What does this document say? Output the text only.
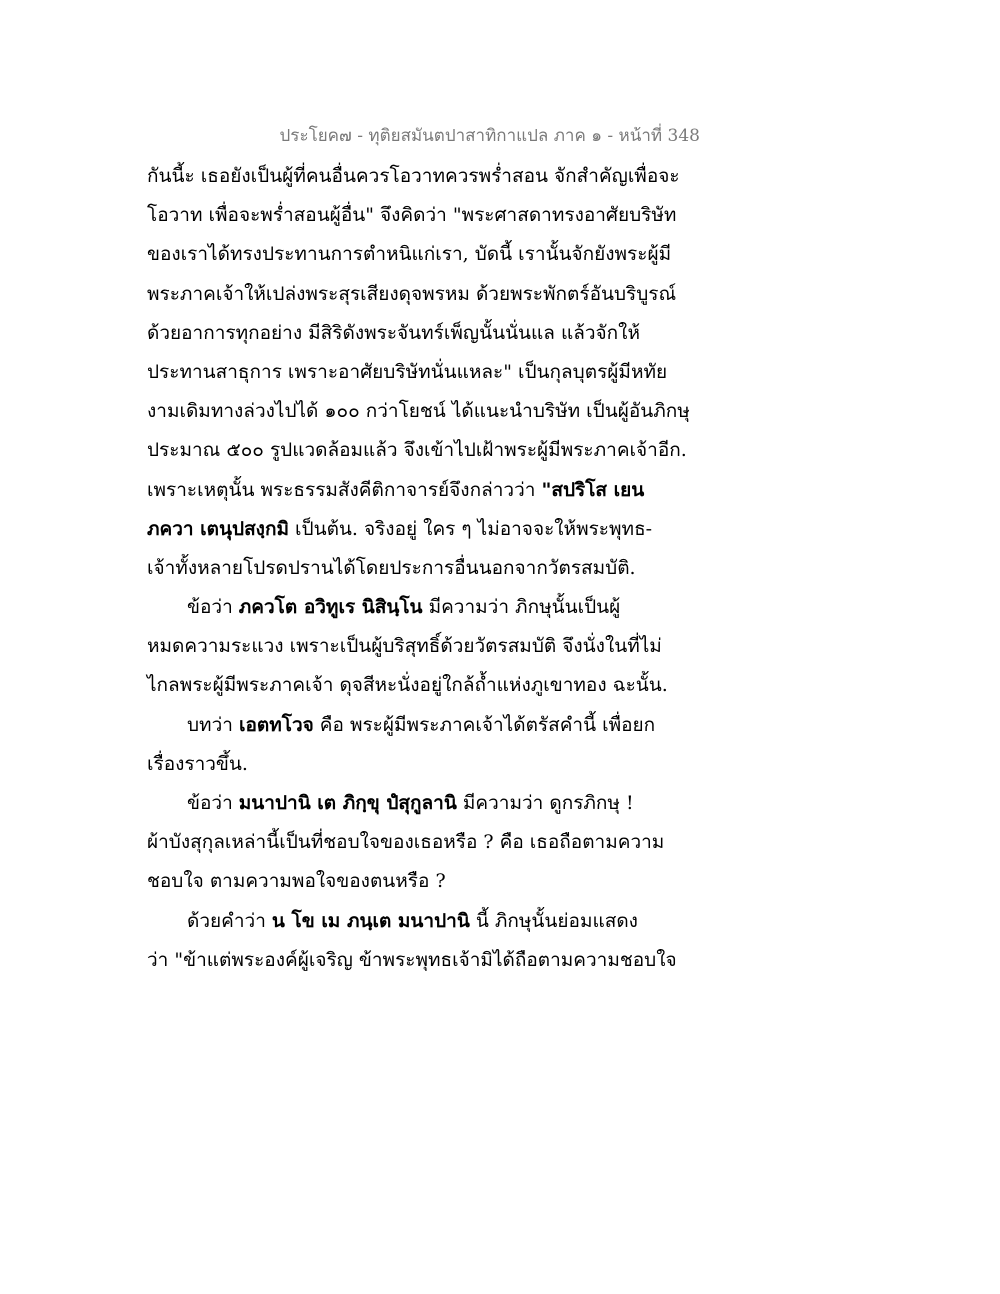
ประโยค๗ - ทุติยสมันตปาสาทิกาแปล ภาค ๑ - หน้าที่ 348
กันนี้ะ เธอยังเป็นผู้ที่คนอื่นควรโอวาทควรพร่ำสอน จักสำคัญเพื่อจะ
โอวาท เพื่อจะพร่ำสอนผู้อื่น" จึงคิดว่า "พระศาสดาทรงอาศัยบริษัท
ของเราได้ทรงประทานการตำหนิแก่เรา, บัดนี้ เรานั้นจักยังพระผู้มี
พระภาคเจ้าให้เปล่งพระสุรเสียงดุจพรหม ด้วยพระพักตร์อันบริบูรณ์
ด้วยอาการทุกอย่าง มีสิริดังพระจันทร์เพ็ญนั้นนั่นแล แล้วจักให้
ประทานสาธุการ เพราะอาศัยบริษัทนั่นแหละ" เป็นกุลบุตรผู้มีหทัย
งามเดิมทางล่วงไปได้ ๑๐๐ กว่าโยชน์ ได้แนะนำบริษัท เป็นผู้อันภิกษุ
ประมาณ ๕๐๐ รูปแวดล้อมแล้ว จึงเข้าไปเฝ้าพระผู้มีพระภาคเจ้าอีก.
เพราะเหตุนั้น พระธรรมสังคีติกาจารย์จึงกล่าวว่า "สปริโส เยน
ภควา เตนุปสงฺกมิ เป็นต้น. จริงอยู่ ใคร ๆ ไม่อาจจะให้พระพุทธ-
เจ้าทั้งหลายโปรดปรานได้โดยประการอื่นนอกจากวัตรสมบัติ.
ข้อว่า ภควโต อวิทูเร นิสินฺโน มีความว่า ภิกษุนั้นเป็นผู้
หมดความระแวง เพราะเป็นผู้บริสุทธิ์ด้วยวัตรสมบัติ จึงนั่งในที่ไม่
ไกลพระผู้มีพระภาคเจ้า ดุจสีหะนั่งอยู่ใกล้ถ้ำแห่งภูเขาทอง ฉะนั้น.
บทว่า เอตทโวจ คือ พระผู้มีพระภาคเจ้าได้ตรัสคำนี้ เพื่อยก
เรื่องราวขึ้น.
ข้อว่า มนาปานิ เต ภิกฺขุ ปํสุกูลานิ มีความว่า ดูกรภิกษุ !
ผ้าบังสุกุลเหล่านี้เป็นที่ชอบใจของเธอหรือ ? คือ เธอถือตามความ
ชอบใจ ตามความพอใจของตนหรือ ?
ด้วยคำว่า น โข เม ภนฺเต มนาปานิ นี้ ภิกษุนั้นย่อมแสดง
ว่า "ข้าแต่พระองค์ผู้เจริญ ข้าพระพุทธเจ้ามิได้ถือตามความชอบใจ
